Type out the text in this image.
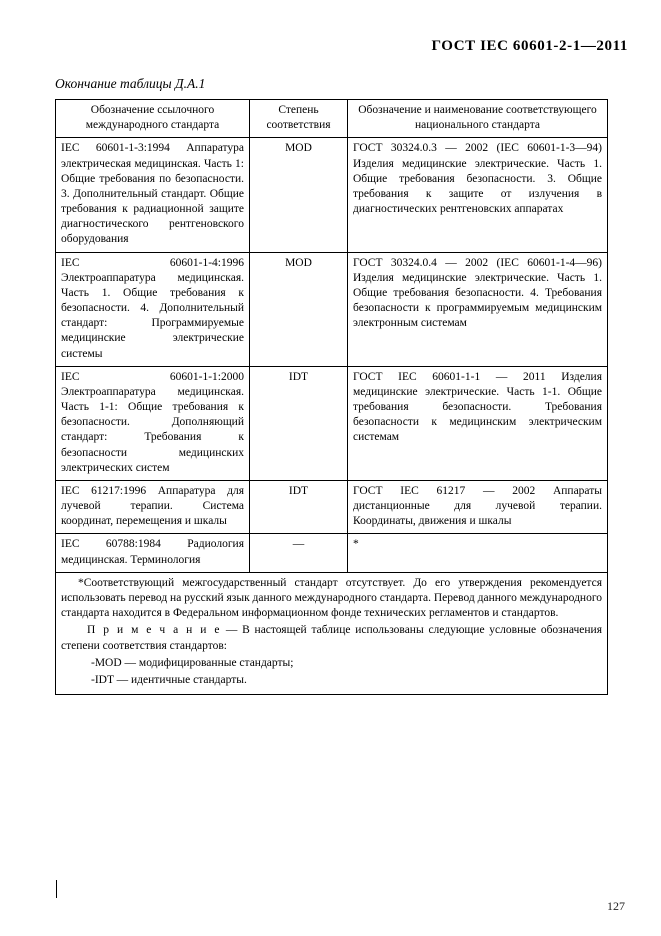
ГОСТ IEC 60601-2-1—2011
Окончание таблицы Д.А.1
Обозначение ссылочного международного стандарта	Степень соответствия	Обозначение и наименование соответствующего национального стандарта
IEC 60601-1-3:1994 Аппаратура электрическая медицинская. Часть 1: Общие требования по безопасности. 3. Дополнительный стандарт. Общие требования к радиационной защите диагностического рентгеновского оборудования	MOD	ГОСТ 30324.0.3 — 2002 (IEC 60601-1-3—94) Изделия медицинские электрические. Часть 1. Общие требования безопасности. 3. Общие требования к защите от излучения в диагностических рентгеновских аппаратах
IEC 60601-1-4:1996 Электроаппаратура медицинская. Часть 1. Общие требования к безопасности. 4. Дополнительный стандарт: Программируемые медицинские электрические системы	MOD	ГОСТ 30324.0.4 — 2002 (IEC 60601-1-4—96) Изделия медицинские электрические. Часть 1. Общие требования безопасности. 4. Требования безопасности к программируемым медицинским электронным системам
IEC 60601-1-1:2000 Электроаппаратура медицинская. Часть 1-1: Общие требования к безопасности. Дополняющий стандарт: Требования к безопасности медицинских электрических систем	IDT	ГОСТ IEC 60601-1-1 — 2011 Изделия медицинские электрические. Часть 1-1. Общие требования безопасности. Требования безопасности к медицинским электрическим системам
IEC 61217:1996 Аппаратура для лучевой терапии. Система координат, перемещения и шкалы	IDT	ГОСТ IEC 61217 — 2002 Аппараты дистанционные для лучевой терапии. Координаты, движения и шкалы
IEC 60788:1984 Радиология медицинская. Терминология	—	*

*Соответствующий межгосударственный стандарт отсутствует. До его утверждения рекомендуется использовать перевод на русский язык данного международного стандарта. Перевод данного международного стандарта находится в Федеральном информационном фонде технических регламентов и стандартов.

П р и м е ч а н и е — В настоящей таблице использованы следующие условные обозначения степени соответствия стандартов:

-MOD — модифицированные стандарты;

-IDT — идентичные стандарты.		

127
